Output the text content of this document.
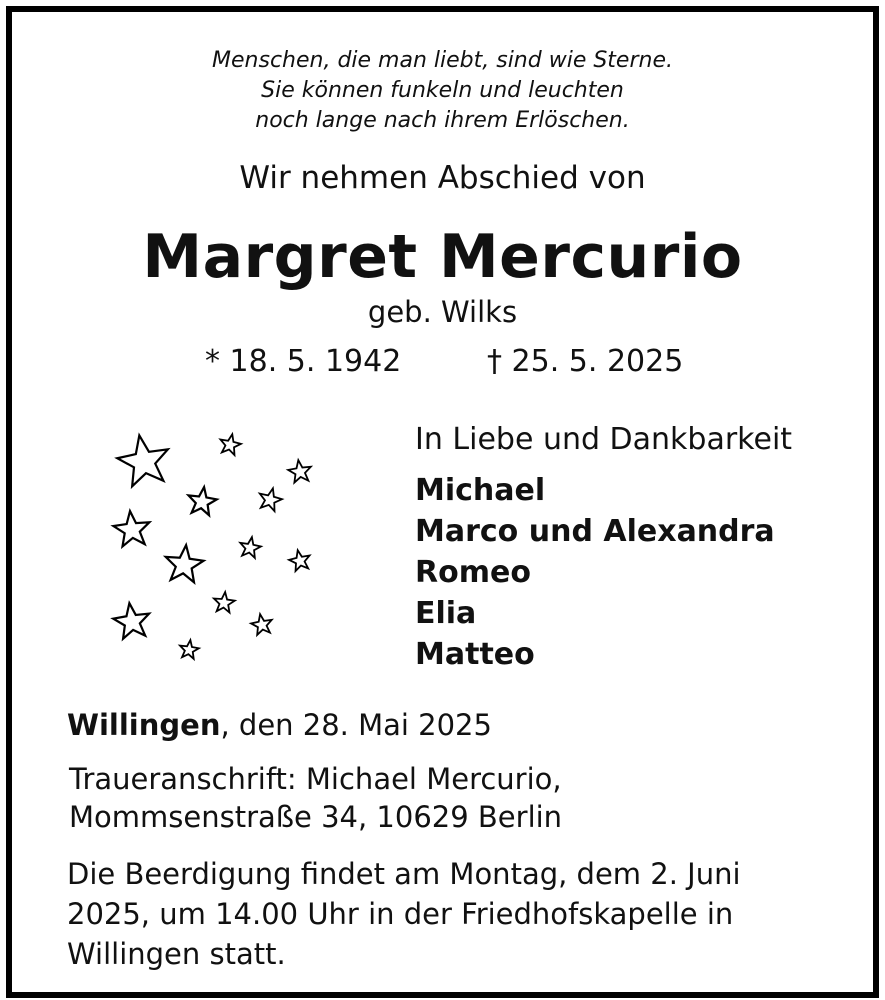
Menschen, die man liebt, sind wie Sterne.
Sie können funkeln und leuchten
noch lange nach ihrem Erlöschen.
Wir nehmen Abschied von
Margret Mercurio
geb. Wilks
* 18. 5. 1942	† 25. 5. 2025
In Liebe und Dankbarkeit
Michael
Marco und Alexandra
Romeo
Elia
Matteo
Willingen, den 28. Mai 2025
Traueranschrift: Michael Mercurio,
Mommsenstraße 34, 10629 Berlin
Die Beerdigung findet am Montag, dem 2. Juni
2025, um 14.00 Uhr in der Friedhofskapelle in
Willingen statt.
